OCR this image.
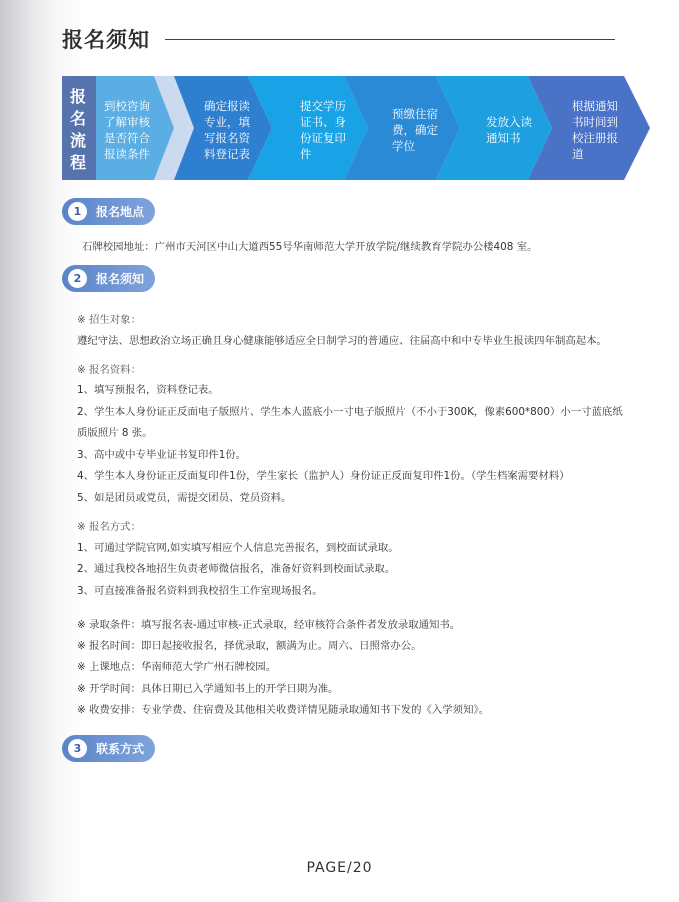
报名须知
报
名
流
程
到校咨询
了解审核
是否符合
报读条件
确定报读
专业，填
写报名资
料登记表
提交学历
证书、身
份证复印
件
预缴住宿
费，确定
学位
发放入读
通知书
根据通知
书时间到
校注册报
道
1	报名地点
石牌校园地址：广州市天河区中山大道西55号华南师范大学开放学院/继续教育学院办公楼408 室。
2	报名须知
※ 招生对象：
遵纪守法、思想政治立场正确且身心健康能够适应全日制学习的普通应、往届高中和中专毕业生报读四年制高起本。
※ 报名资料：
1、填写预报名，资料登记表。
2、学生本人身份证正反面电子版照片、学生本人蓝底小一寸电子版照片（不小于300K，像素600*800）小一寸蓝底纸
质版照片 8 张。
3、高中或中专毕业证书复印件1份。
4、学生本人身份证正反面复印件1份，学生家长（监护人）身份证正反面复印件1份。（学生档案需要材料）
5、如是团员或党员，需提交团员、党员资料。
※ 报名方式：
1、可通过学院官网,如实填写相应个人信息完善报名，到校面试录取。
2、通过我校各地招生负责老师微信报名，准备好资料到校面试录取。
3、可直接准备报名资料到我校招生工作室现场报名。
※ 录取条件：填写报名表-通过审核-正式录取，经审核符合条件者发放录取通知书。
※ 报名时间：即日起接收报名，择优录取，额满为止。周六、日照常办公。
※ 上课地点：华南师范大学广州石牌校园。
※ 开学时间：具体日期已入学通知书上的开学日期为准。
※ 收费安排：专业学费、住宿费及其他相关收费详情见随录取通知书下发的《入学须知》。
3	联系方式
PAGE/20
